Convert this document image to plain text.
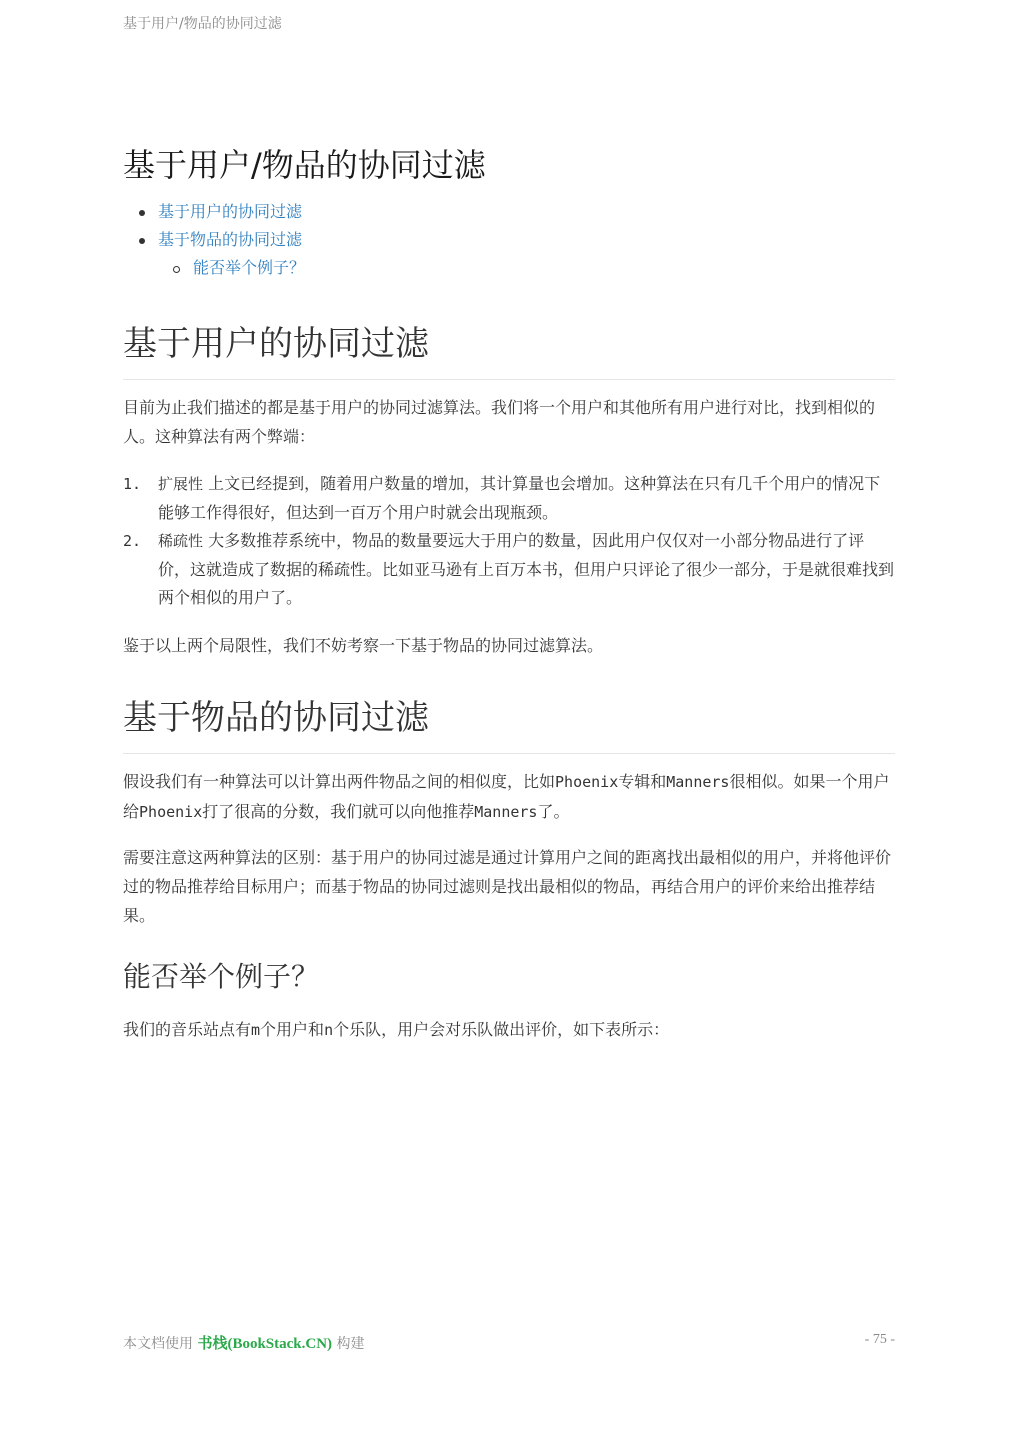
基于用户/物品的协同过滤
基于用户/物品的协同过滤
基于用户的协同过滤
基于物品的协同过滤
能否举个例子？
基于用户的协同过滤

目前为止我们描述的都是基于用户的协同过滤算法。我们将一个用户和其他所有用户进行对比，找到相似的人。这种算法有两个弊端：

1. 扩展性 上文已经提到，随着用户数量的增加，其计算量也会增加。这种算法在只有几千个用户的情况下能够工作得很好，但达到一百万个用户时就会出现瓶颈。
2. 稀疏性 大多数推荐系统中，物品的数量要远大于用户的数量，因此用户仅仅对一小部分物品进行了评价，这就造成了数据的稀疏性。比如亚马逊有上百万本书，但用户只评论了很少一部分，于是就很难找到两个相似的用户了。

鉴于以上两个局限性，我们不妨考察一下基于物品的协同过滤算法。

基于物品的协同过滤

假设我们有一种算法可以计算出两件物品之间的相似度，比如Phoenix专辑和Manners很相似。如果一个用户给Phoenix打了很高的分数，我们就可以向他推荐Manners了。

需要注意这两种算法的区别：基于用户的协同过滤是通过计算用户之间的距离找出最相似的用户，并将他评价过的物品推荐给目标用户；而基于物品的协同过滤则是找出最相似的物品，再结合用户的评价来给出推荐结果。

能否举个例子？

我们的音乐站点有m个用户和n个乐队，用户会对乐队做出评价，如下表所示：

本文档使用 书栈(BookStack.CN) 构建	- 75 -
